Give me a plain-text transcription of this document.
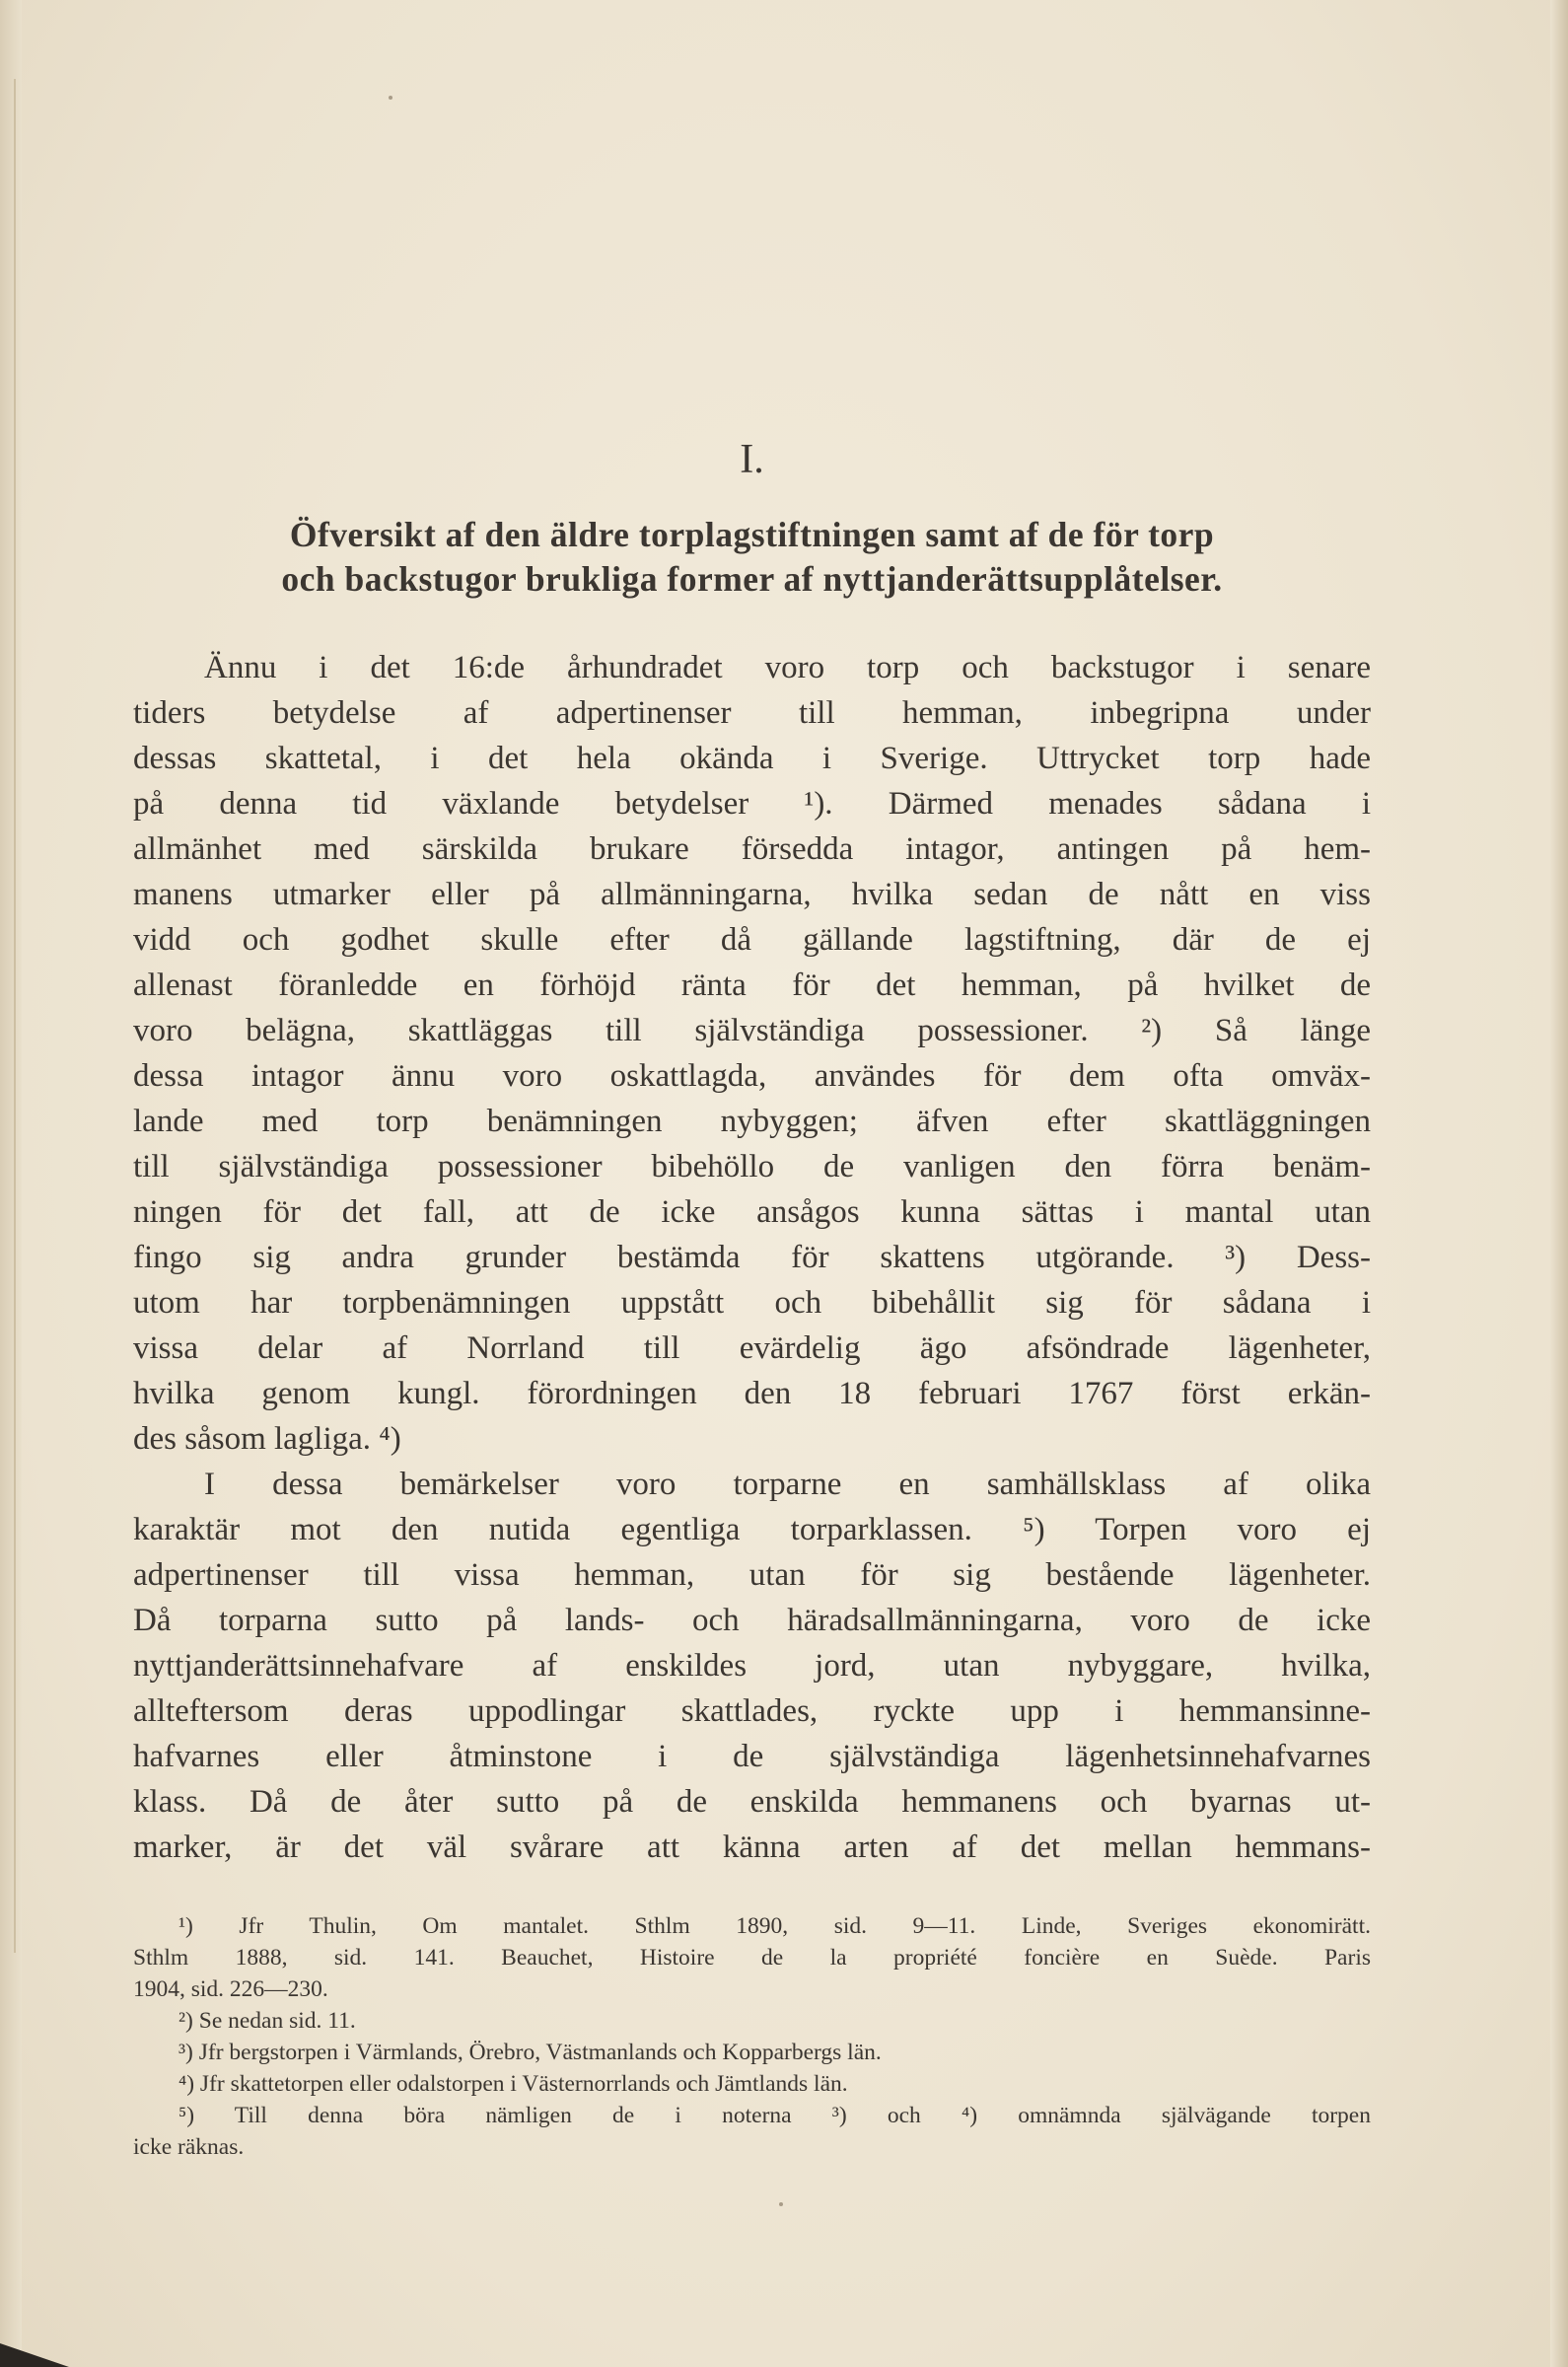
I.
Öfversikt af den äldre torplagstiftningen samt af de för torp
och backstugor brukliga former af nyttjanderättsupplåtelser.
Ännu i det 16:de århundradet voro torp och backstugor i senare
tiders betydelse af adpertinenser till hemman, inbegripna under
dessas skattetal, i det hela okända i Sverige. Uttrycket torp hade
på denna tid växlande betydelser ¹). Därmed menades sådana i
allmänhet med särskilda brukare försedda intagor, antingen på hem-
manens utmarker eller på allmänningarna, hvilka sedan de nått en viss
vidd och godhet skulle efter då gällande lagstiftning, där de ej
allenast föranledde en förhöjd ränta för det hemman, på hvilket de
voro belägna, skattläggas till självständiga possessioner. ²) Så länge
dessa intagor ännu voro oskattlagda, användes för dem ofta omväx-
lande med torp benämningen nybyggen; äfven efter skattläggningen
till självständiga possessioner bibehöllo de vanligen den förra benäm-
ningen för det fall, att de icke ansågos kunna sättas i mantal utan
fingo sig andra grunder bestämda för skattens utgörande. ³) Dess-
utom har torpbenämningen uppstått och bibehållit sig för sådana i
vissa delar af Norrland till evärdelig ägo afsöndrade lägenheter,
hvilka genom kungl. förordningen den 18 februari 1767 först erkän-
des såsom lagliga. ⁴)
I dessa bemärkelser voro torparne en samhällsklass af olika
karaktär mot den nutida egentliga torparklassen. ⁵) Torpen voro ej
adpertinenser till vissa hemman, utan för sig bestående lägenheter.
Då torparna sutto på lands- och häradsallmänningarna, voro de icke
nyttjanderättsinnehafvare af enskildes jord, utan nybyggare, hvilka,
allteftersom deras uppodlingar skattlades, ryckte upp i hemmansinne-
hafvarnes eller åtminstone i de självständiga lägenhetsinnehafvarnes
klass. Då de åter sutto på de enskilda hemmanens och byarnas ut-
marker, är det väl svårare att känna arten af det mellan hemmans-
¹) Jfr Thulin, Om mantalet. Sthlm 1890, sid. 9—11. Linde, Sveriges ekonomirätt.
Sthlm 1888, sid. 141. Beauchet, Histoire de la propriété foncière en Suède. Paris
1904, sid. 226—230.
²) Se nedan sid. 11.
³) Jfr bergstorpen i Värmlands, Örebro, Västmanlands och Kopparbergs län.
⁴) Jfr skattetorpen eller odalstorpen i Västernorrlands och Jämtlands län.
⁵) Till denna böra nämligen de i noterna ³) och ⁴) omnämnda självägande torpen
icke räknas.
